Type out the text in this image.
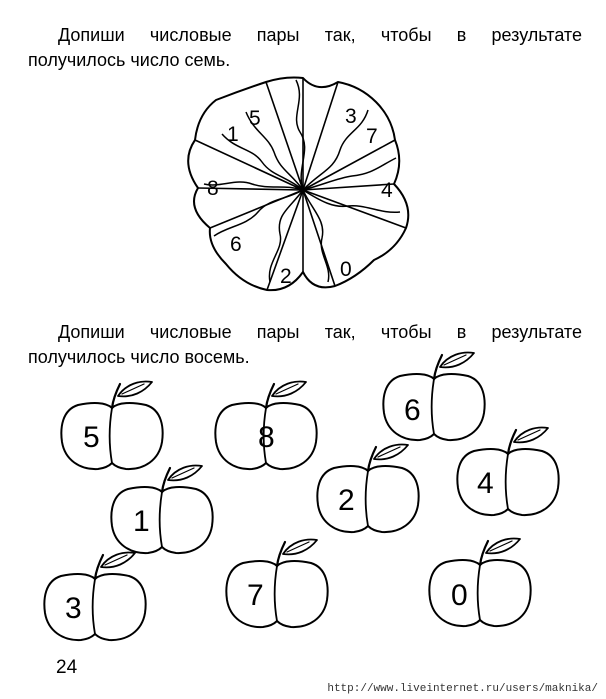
Допиши числовые пары так, чтобы в результате
получилось число семь.

5	3
7
1
8	4
6
2 0
5	8
6
1
2
4
3	7	0

Допиши числовые пары так, чтобы в результате
получилось число восемь.

24
http://www.liveinternet.ru/users/maknika/
